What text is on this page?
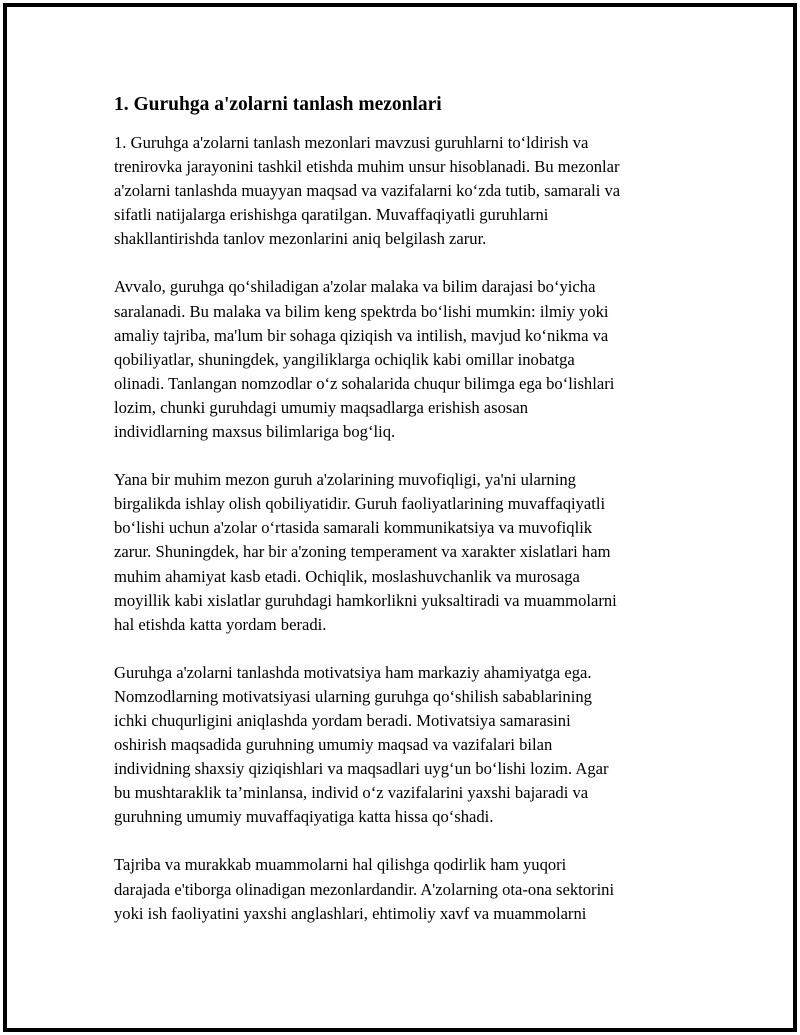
1. Guruhga a'zolarni tanlash mezonlari

1. Guruhga a'zolarni tanlash mezonlari mavzusi guruhlarni to‘ldirish va
trenirovka jarayonini tashkil etishda muhim unsur hisoblanadi. Bu mezonlar
a'zolarni tanlashda muayyan maqsad va vazifalarni ko‘zda tutib, samarali va
sifatli natijalarga erishishga qaratilgan. Muvaffaqiyatli guruhlarni
shakllantirishda tanlov mezonlarini aniq belgilash zarur.

Avvalo, guruhga qo‘shiladigan a'zolar malaka va bilim darajasi bo‘yicha
saralanadi. Bu malaka va bilim keng spektrda bo‘lishi mumkin: ilmiy yoki
amaliy tajriba, ma'lum bir sohaga qiziqish va intilish, mavjud ko‘nikma va
qobiliyatlar, shuningdek, yangiliklarga ochiqlik kabi omillar inobatga
olinadi. Tanlangan nomzodlar o‘z sohalarida chuqur bilimga ega bo‘lishlari
lozim, chunki guruhdagi umumiy maqsadlarga erishish asosan
individlarning maxsus bilimlariga bog‘liq.

Yana bir muhim mezon guruh a'zolarining muvofiqligi, ya'ni ularning
birgalikda ishlay olish qobiliyatidir. Guruh faoliyatlarining muvaffaqiyatli
bo‘lishi uchun a'zolar o‘rtasida samarali kommunikatsiya va muvofiqlik
zarur. Shuningdek, har bir a'zoning temperament va xarakter xislatlari ham
muhim ahamiyat kasb etadi. Ochiqlik, moslashuvchanlik va murosaga
moyillik kabi xislatlar guruhdagi hamkorlikni yuksaltiradi va muammolarni
hal etishda katta yordam beradi.

Guruhga a'zolarni tanlashda motivatsiya ham markaziy ahamiyatga ega.
Nomzodlarning motivatsiyasi ularning guruhga qo‘shilish sabablarining
ichki chuqurligini aniqlashda yordam beradi. Motivatsiya samarasini
oshirish maqsadida guruhning umumiy maqsad va vazifalari bilan
individning shaxsiy qiziqishlari va maqsadlari uyg‘un bo‘lishi lozim. Agar
bu mushtaraklik ta’minlansa, individ o‘z vazifalarini yaxshi bajaradi va
guruhning umumiy muvaffaqiyatiga katta hissa qo‘shadi.

Tajriba va murakkab muammolarni hal qilishga qodirlik ham yuqori
darajada e'tiborga olinadigan mezonlardandir. A'zolarning ota-ona sektorini
yoki ish faoliyatini yaxshi anglashlari, ehtimoliy xavf va muammolarni
